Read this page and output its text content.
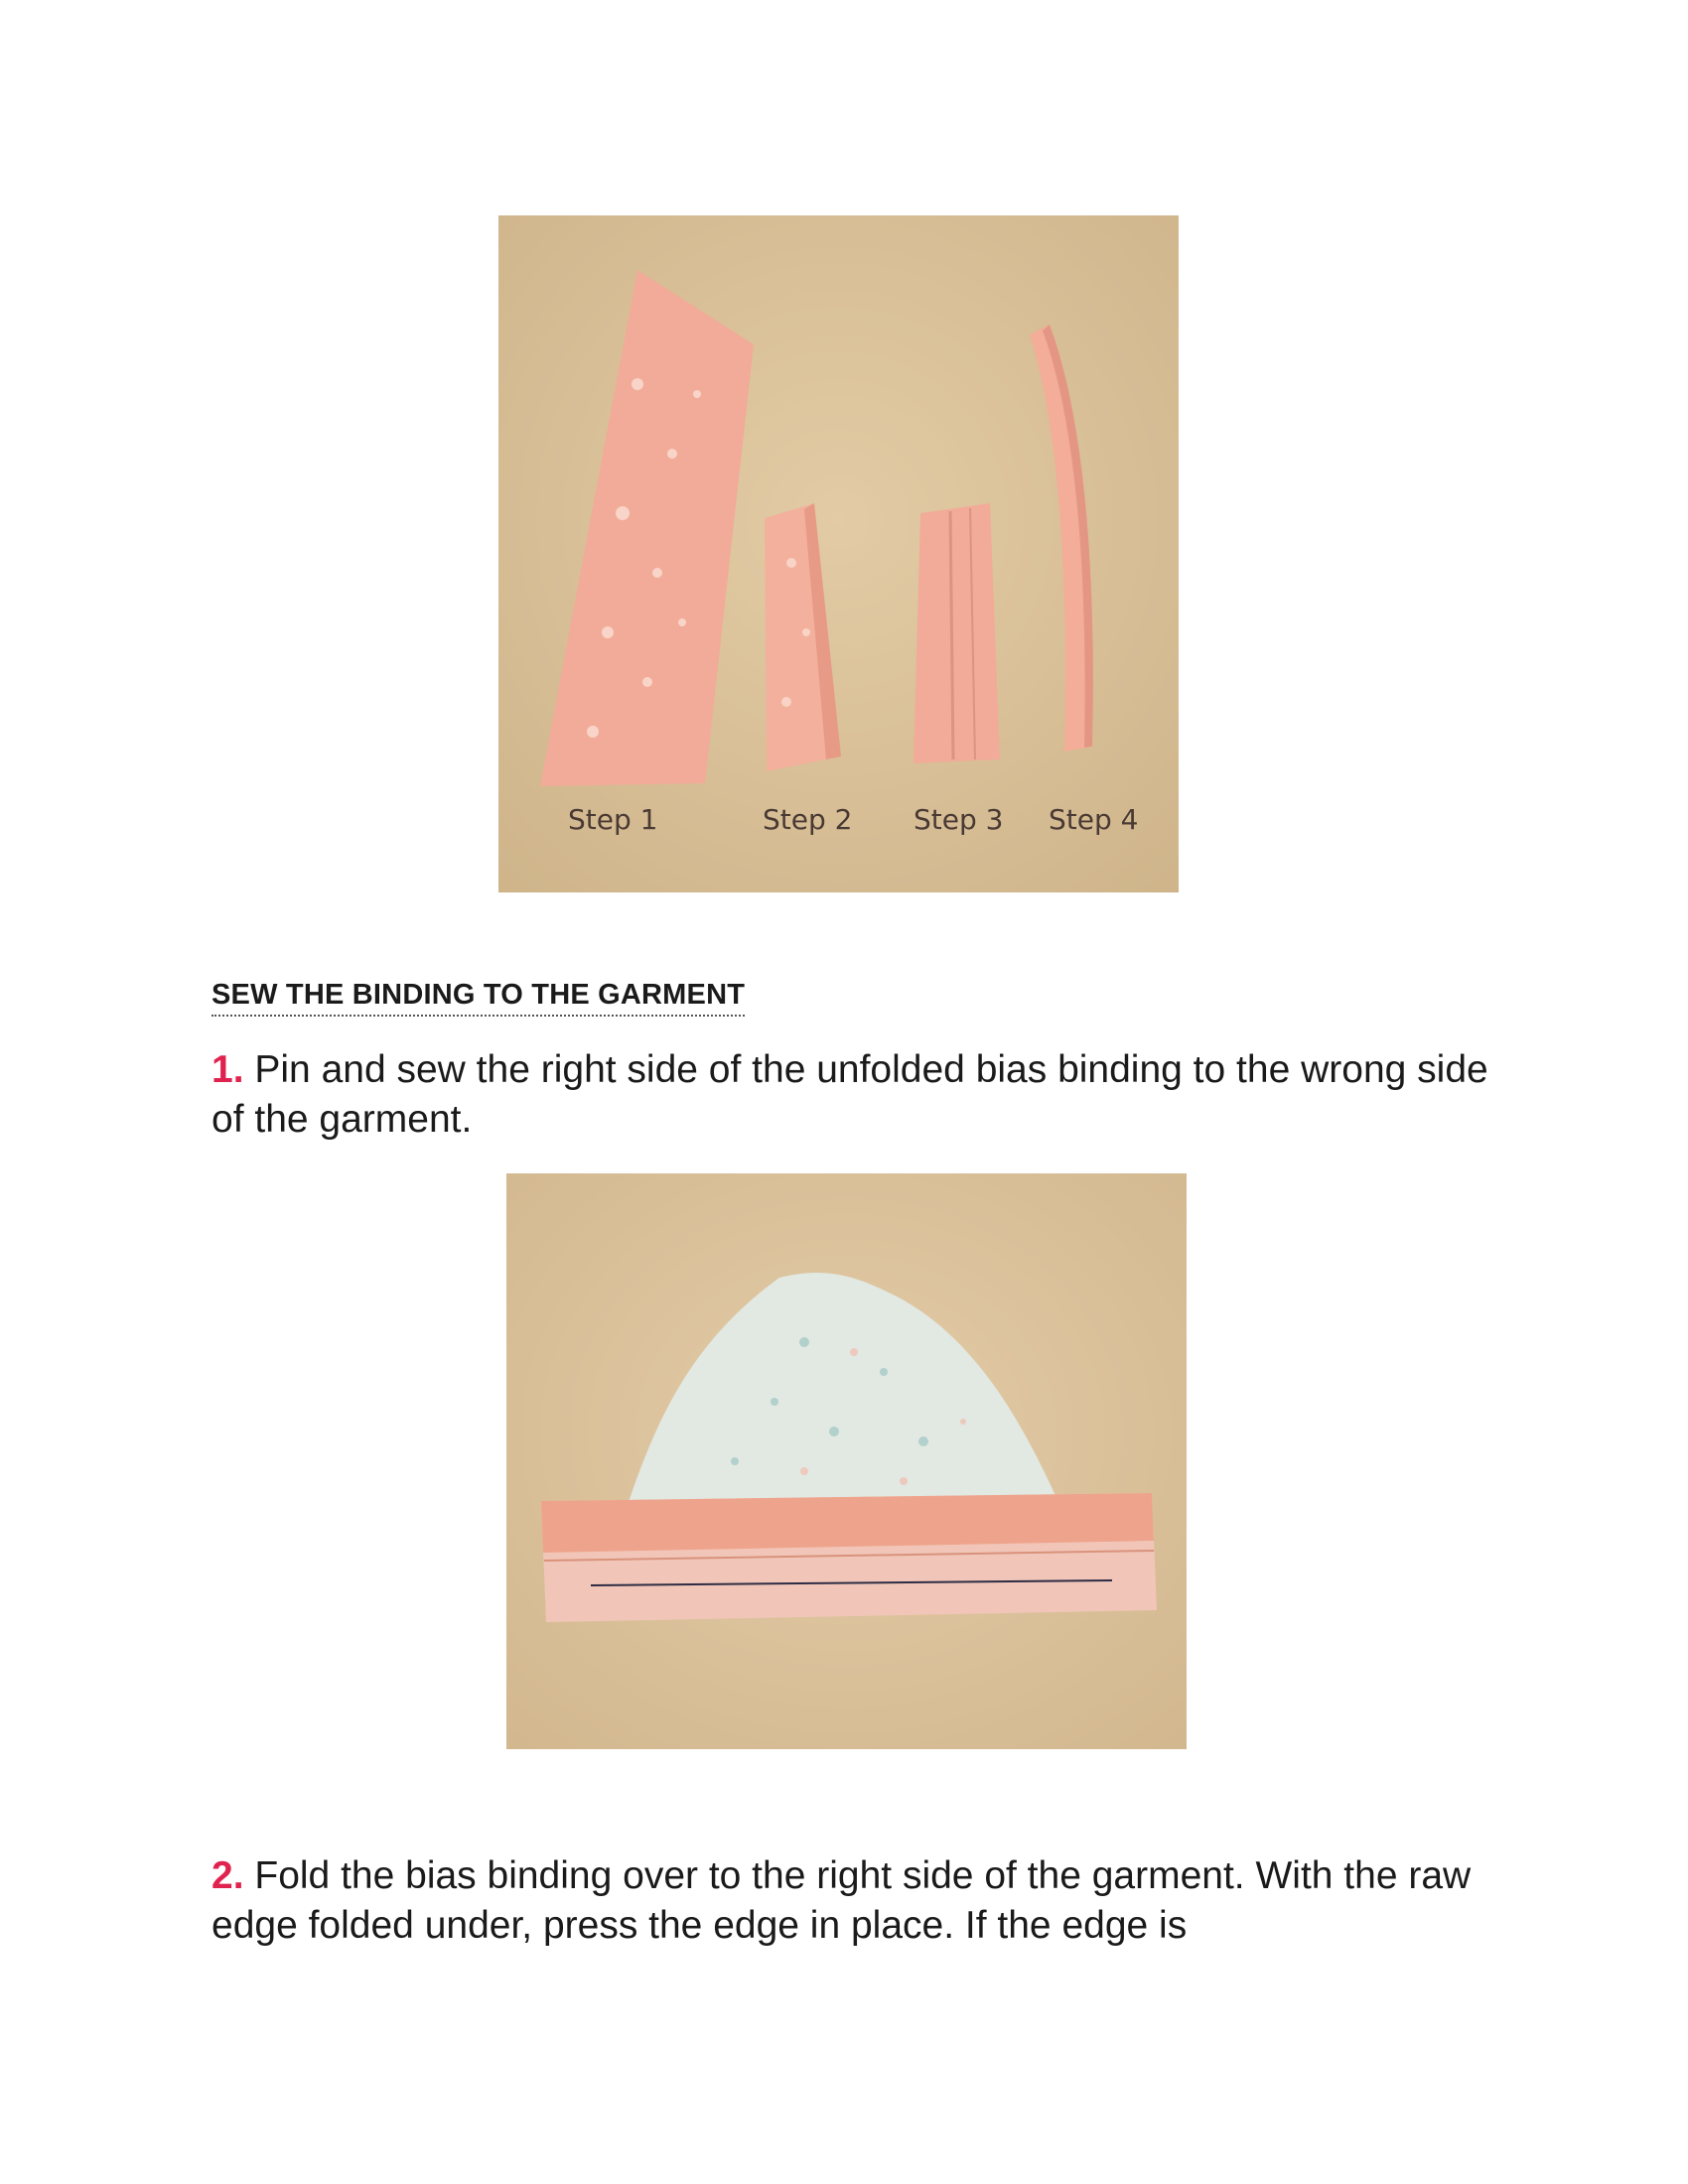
Step 1	Step 2 Step 3 Step 4
SEW THE BINDING TO THE GARMENT

1. Pin and sew the right side of the unfolded bias binding to the wrong side of the garment.

2. Fold the bias binding over to the right side of the garment. With the raw edge folded under, press the edge in place. If the edge is
